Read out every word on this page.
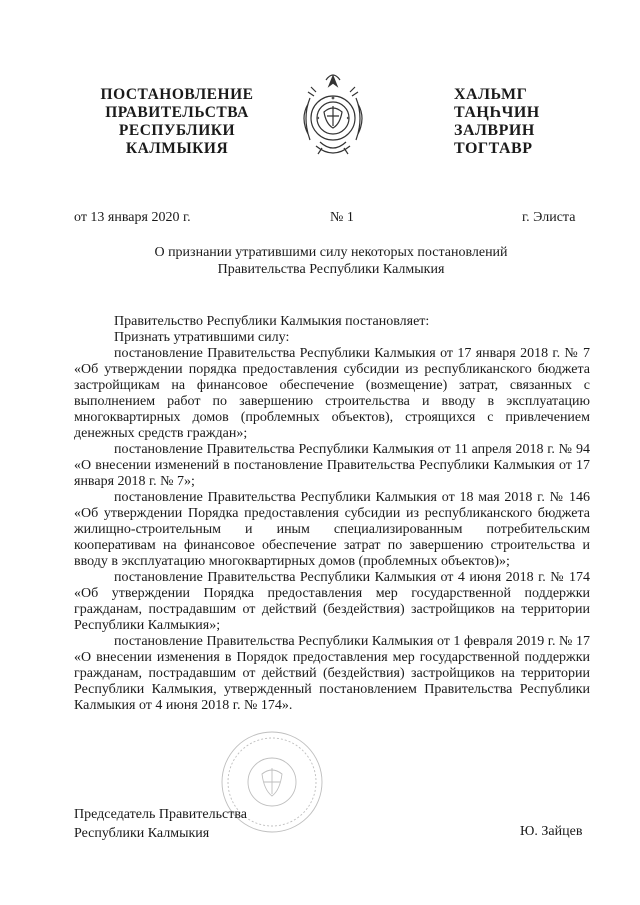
ПОСТАНОВЛЕНИЕ
ПРАВИТЕЛЬСТВА
РЕСПУБЛИКИ
КАЛМЫКИЯ
ХАЛЬМГ
ТАҢҺЧИН
ЗАЛВРИН
ТОГТАВР
от 13 января 2020 г.	№ 1	г. Элиста
О признании утратившими силу некоторых постановлений
Правительства Республики Калмыкия

Правительство Республики Калмыкия постановляет:

Признать утратившими силу:

постановление Правительства Республики Калмыкия от 17 января 2018 г. № 7 «Об утверждении порядка предоставления субсидии из республиканского бюджета застройщикам на финансовое обеспечение (возмещение) затрат, связанных с выполнением работ по завершению строительства и вводу в эксплуатацию многоквартирных домов (проблемных объектов), строящихся с привлечением денежных средств граждан»;

постановление Правительства Республики Калмыкия от 11 апреля 2018 г. № 94 «О внесении изменений в постановление Правительства Республики Калмыкия от 17 января 2018 г. № 7»;

постановление Правительства Республики Калмыкия от 18 мая 2018 г. № 146 «Об утверждении Порядка предоставления субсидии из республиканского бюджета жилищно-строительным и иным специализированным потребительским кооперативам на финансовое обеспечение затрат по завершению строительства и вводу в эксплуатацию многоквартирных домов (проблемных объектов)»;

постановление Правительства Республики Калмыкия от 4 июня 2018 г. № 174 «Об утверждении Порядка предоставления мер государственной поддержки гражданам, пострадавшим от действий (бездействия) застройщиков на территории Республики Калмыкия»;

постановление Правительства Республики Калмыкия от 1 февраля 2019 г. № 17 «О внесении изменения в Порядок предоставления мер государственной поддержки гражданам, пострадавшим от действий (бездействия) застройщиков на территории Республики Калмыкия, утвержденный постановлением Правительства Республики Калмыкия от 4 июня 2018 г. № 174».

Председатель Правительства
Республики Калмыкия	Ю. Зайцев
